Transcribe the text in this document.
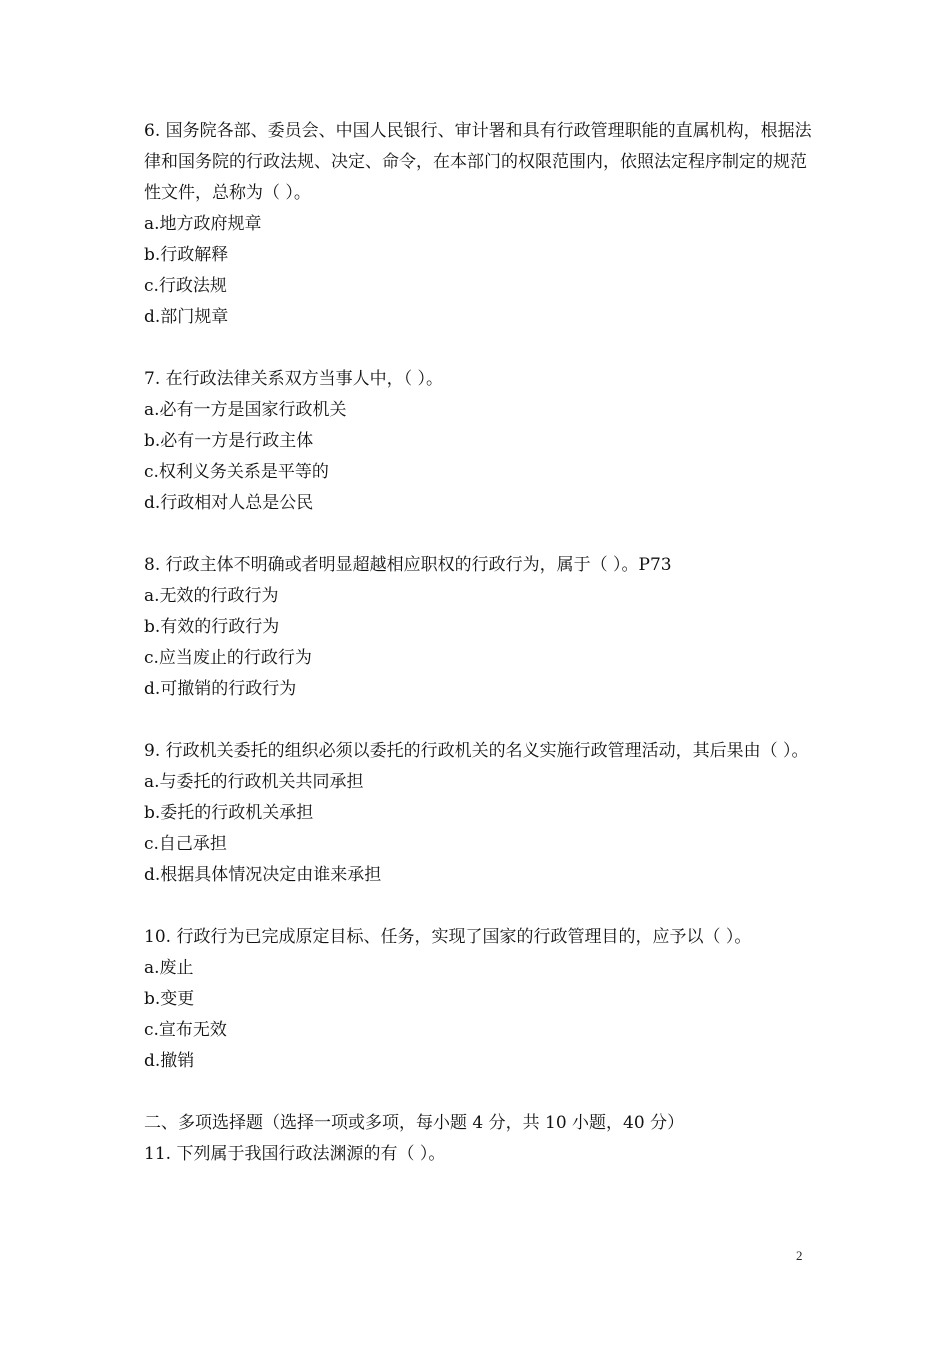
6. 国务院各部、委员会、中国人民银行、审计署和具有行政管理职能的直属机构，根据法律和国务院的行政法规、决定、命令，在本部门的权限范围内，依照法定程序制定的规范性文件，总称为（ ）。
a.地方政府规章
b.行政解释
c.行政法规
d.部门规章
7. 在行政法律关系双方当事人中，（ ）。
a.必有一方是国家行政机关
b.必有一方是行政主体
c.权利义务关系是平等的
d.行政相对人总是公民
8. 行政主体不明确或者明显超越相应职权的行政行为，属于（ ）。P73
a.无效的行政行为
b.有效的行政行为
c.应当废止的行政行为
d.可撤销的行政行为
9. 行政机关委托的组织必须以委托的行政机关的名义实施行政管理活动，其后果由（ ）。
a.与委托的行政机关共同承担
b.委托的行政机关承担
c.自己承担
d.根据具体情况决定由谁来承担
10. 行政行为已完成原定目标、任务，实现了国家的行政管理目的，应予以（ ）。
a.废止
b.变更
c.宣布无效
d.撤销
二、多项选择题（选择一项或多项，每小题 4 分，共 10 小题，40 分）
11. 下列属于我国行政法渊源的有（ ）。
2
